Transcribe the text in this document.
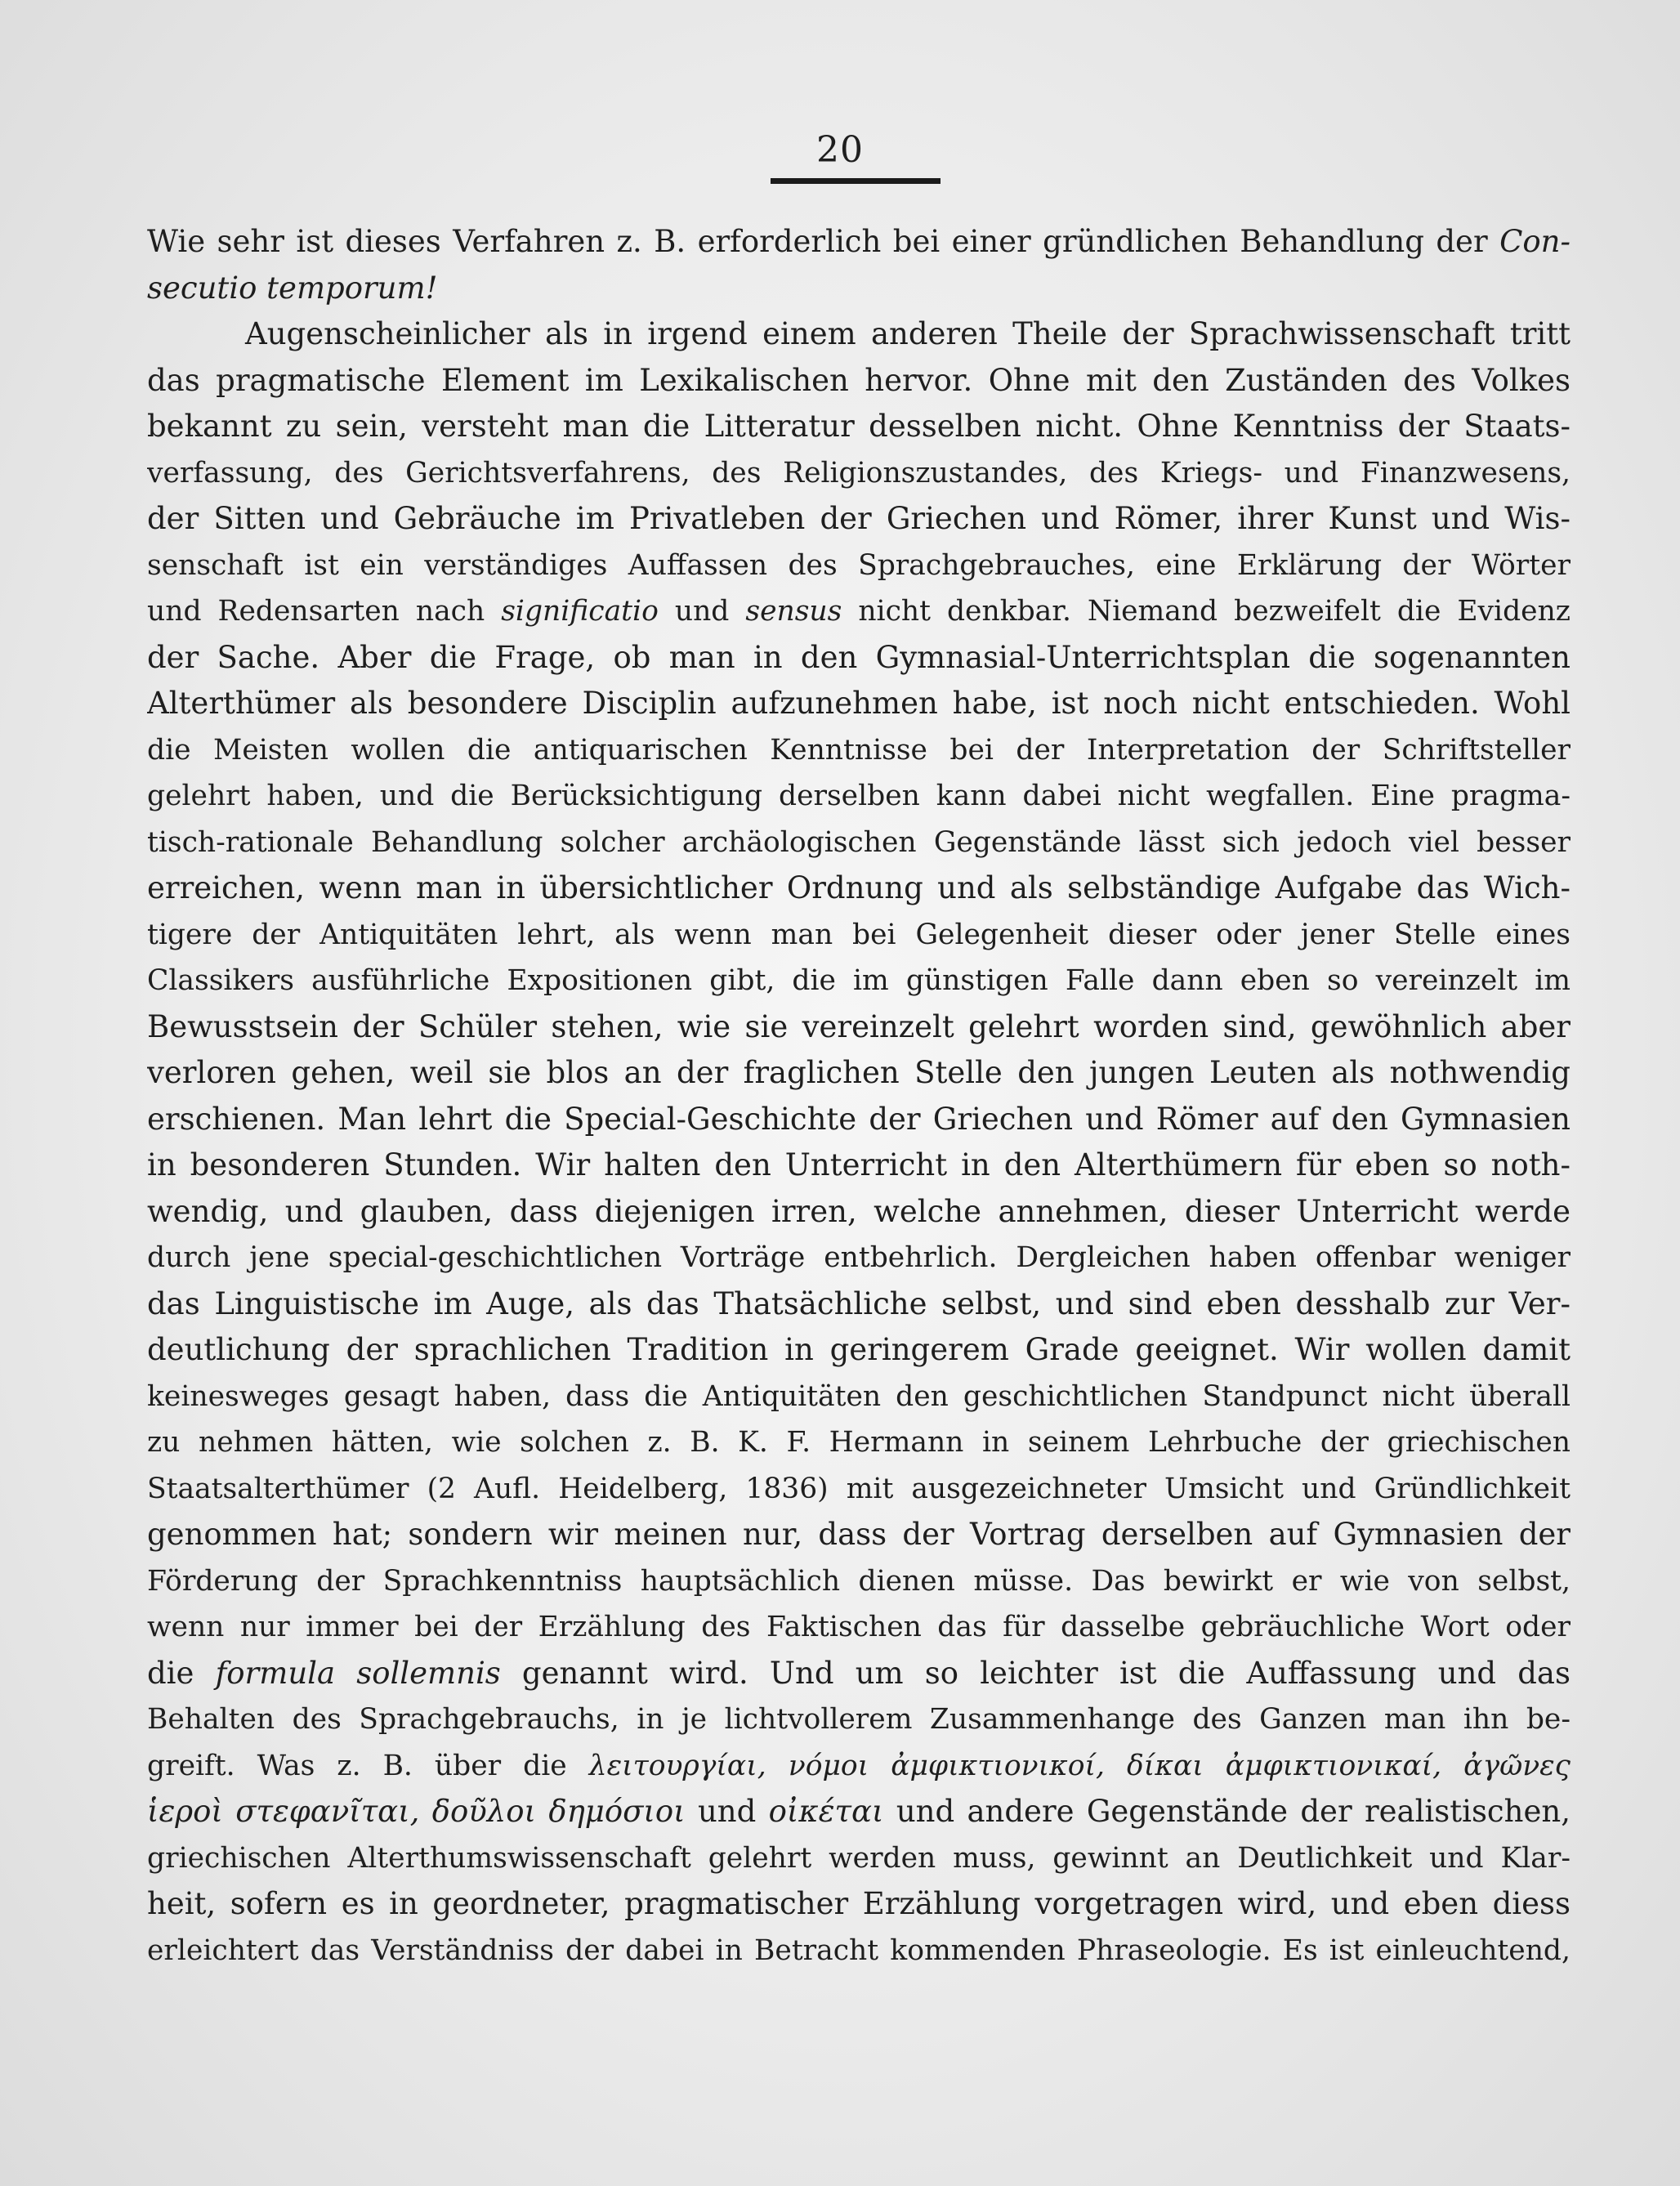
20
Wie sehr ist dieses Verfahren z. B. erforderlich bei einer gründlichen Behandlung der Con-
secutio temporum!
Augenscheinlicher als in irgend einem anderen Theile der Sprachwissenschaft tritt
das pragmatische Element im Lexikalischen hervor. Ohne mit den Zuständen des Volkes
bekannt zu sein, versteht man die Litteratur desselben nicht. Ohne Kenntniss der Staats-
verfassung, des Gerichtsverfahrens, des Religionszustandes, des Kriegs- und Finanzwesens,
der Sitten und Gebräuche im Privatleben der Griechen und Römer, ihrer Kunst und Wis-
senschaft ist ein verständiges Auffassen des Sprachgebrauches, eine Erklärung der Wörter
und Redensarten nach significatio und sensus nicht denkbar. Niemand bezweifelt die Evidenz
der Sache. Aber die Frage, ob man in den Gymnasial-Unterrichtsplan die sogenannten
Alterthümer als besondere Disciplin aufzunehmen habe, ist noch nicht entschieden. Wohl
die Meisten wollen die antiquarischen Kenntnisse bei der Interpretation der Schriftsteller
gelehrt haben, und die Berücksichtigung derselben kann dabei nicht wegfallen. Eine pragma-
tisch-rationale Behandlung solcher archäologischen Gegenstände lässt sich jedoch viel besser
erreichen, wenn man in übersichtlicher Ordnung und als selbständige Aufgabe das Wich-
tigere der Antiquitäten lehrt, als wenn man bei Gelegenheit dieser oder jener Stelle eines
Classikers ausführliche Expositionen gibt, die im günstigen Falle dann eben so vereinzelt im
Bewusstsein der Schüler stehen, wie sie vereinzelt gelehrt worden sind, gewöhnlich aber
verloren gehen, weil sie blos an der fraglichen Stelle den jungen Leuten als nothwendig
erschienen. Man lehrt die Special-Geschichte der Griechen und Römer auf den Gymnasien
in besonderen Stunden. Wir halten den Unterricht in den Alterthümern für eben so noth-
wendig, und glauben, dass diejenigen irren, welche annehmen, dieser Unterricht werde
durch jene special-geschichtlichen Vorträge entbehrlich. Dergleichen haben offenbar weniger
das Linguistische im Auge, als das Thatsächliche selbst, und sind eben desshalb zur Ver-
deutlichung der sprachlichen Tradition in geringerem Grade geeignet. Wir wollen damit
keinesweges gesagt haben, dass die Antiquitäten den geschichtlichen Standpunct nicht überall
zu nehmen hätten, wie solchen z. B. K. F. Hermann in seinem Lehrbuche der griechischen
Staatsalterthümer (2 Aufl. Heidelberg, 1836) mit ausgezeichneter Umsicht und Gründlichkeit
genommen hat; sondern wir meinen nur, dass der Vortrag derselben auf Gymnasien der
Förderung der Sprachkenntniss hauptsächlich dienen müsse. Das bewirkt er wie von selbst,
wenn nur immer bei der Erzählung des Faktischen das für dasselbe gebräuchliche Wort oder
die formula sollemnis genannt wird. Und um so leichter ist die Auffassung und das
Behalten des Sprachgebrauchs, in je lichtvollerem Zusammenhange des Ganzen man ihn be-
greift. Was z. B. über die λειτουργίαι, νόμοι ἀμφικτιονικοί, δίκαι ἀμφικτιονικαί, ἀγῶνες
ἱεροὶ στεφανῖται, δοῦλοι δημόσιοι und οἰκέται und andere Gegenstände der realistischen,
griechischen Alterthumswissenschaft gelehrt werden muss, gewinnt an Deutlichkeit und Klar-
heit, sofern es in geordneter, pragmatischer Erzählung vorgetragen wird, und eben diess
erleichtert das Verständniss der dabei in Betracht kommenden Phraseologie. Es ist einleuchtend,
